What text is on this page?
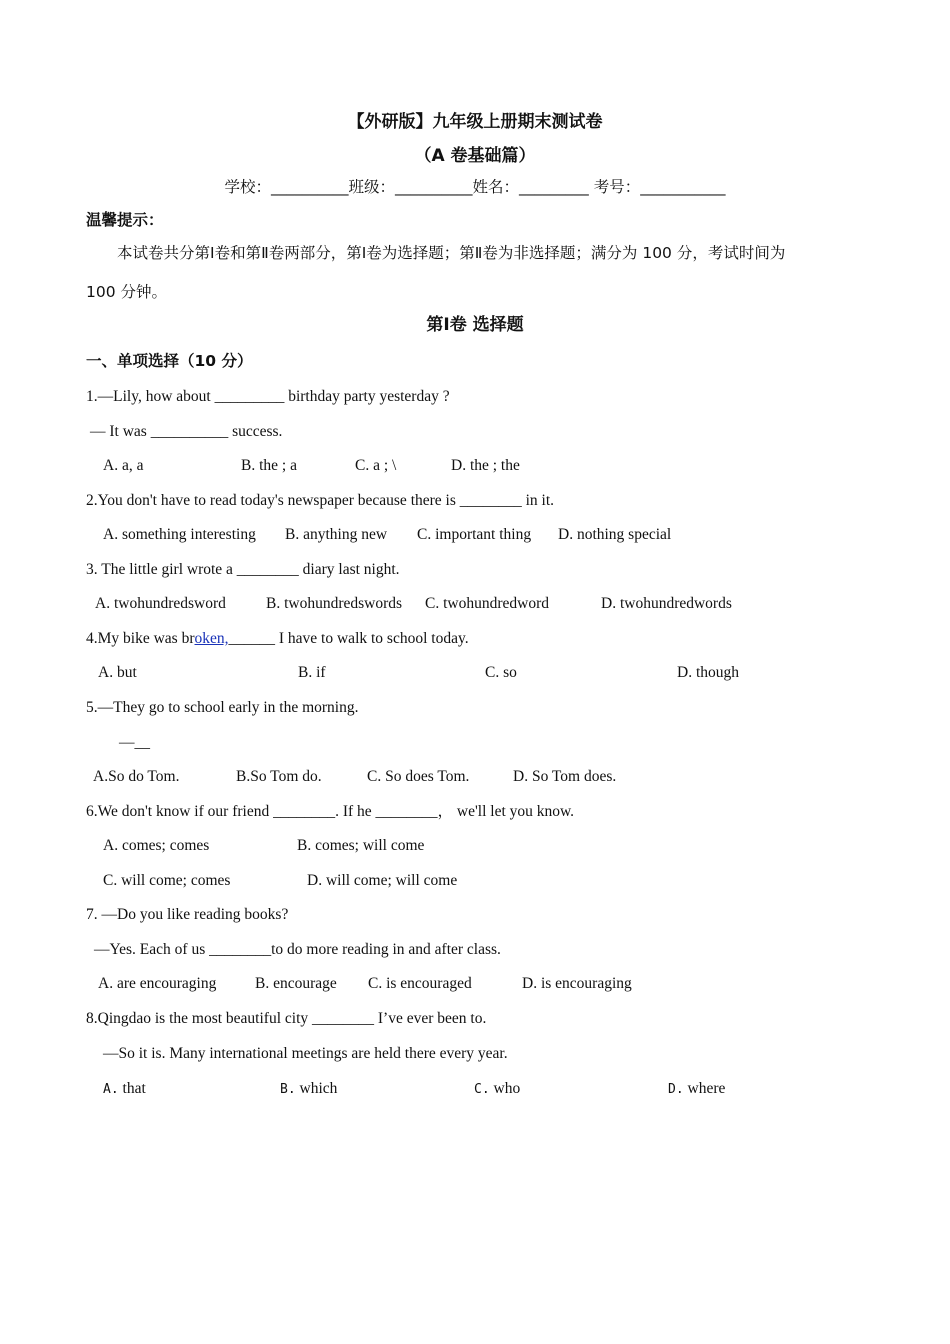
【外研版】九年级上册期末测试卷
（A 卷基础篇）
学校：__________班级：__________姓名：_________ 考号：___________
温馨提示：
本试卷共分第Ⅰ卷和第Ⅱ卷两部分，第Ⅰ卷为选择题；第Ⅱ卷为非选择题；满分为 100 分，考试时间为
100 分钟。
第Ⅰ卷 选择题
一、单项选择（10 分）
1.—Lily, how about _________ birthday party yesterday ?
— It was __________ success.
A. a, a	B. the ; a	C. a ; \	D. the ; the
2.You don't have to read today's newspaper because there is ________ in it.
A. something interesting B. anything new C. important thing D. nothing special
3. The little girl wrote a ________ diary last night.
A. twohundredsword	B. twohundredswords C. twohundredword	D. twohundredwords
4.My bike was broken,______ I have to walk to school today.
A. but	B. if	C. so	D. though
5.—They go to school early in the morning.
—__
A.So do Tom.	B.So Tom do.	C. So does Tom.	D. So Tom does.
6.We don't know if our friend ________. If he ________， we'll let you know.
A. comes; comes	B. comes; will come
C. will come; comes	D. will come; will come
7. —Do you like reading books?
—Yes. Each of us ________to do more reading in and after class.
A. are encouraging B. encourage C. is encouraged	D. is encouraging
8.Qingdao is the most beautiful city ________ I’ve ever been to.
—So it is. Many international meetings are held there every year.
A. that	B. which	C. who	D. where
